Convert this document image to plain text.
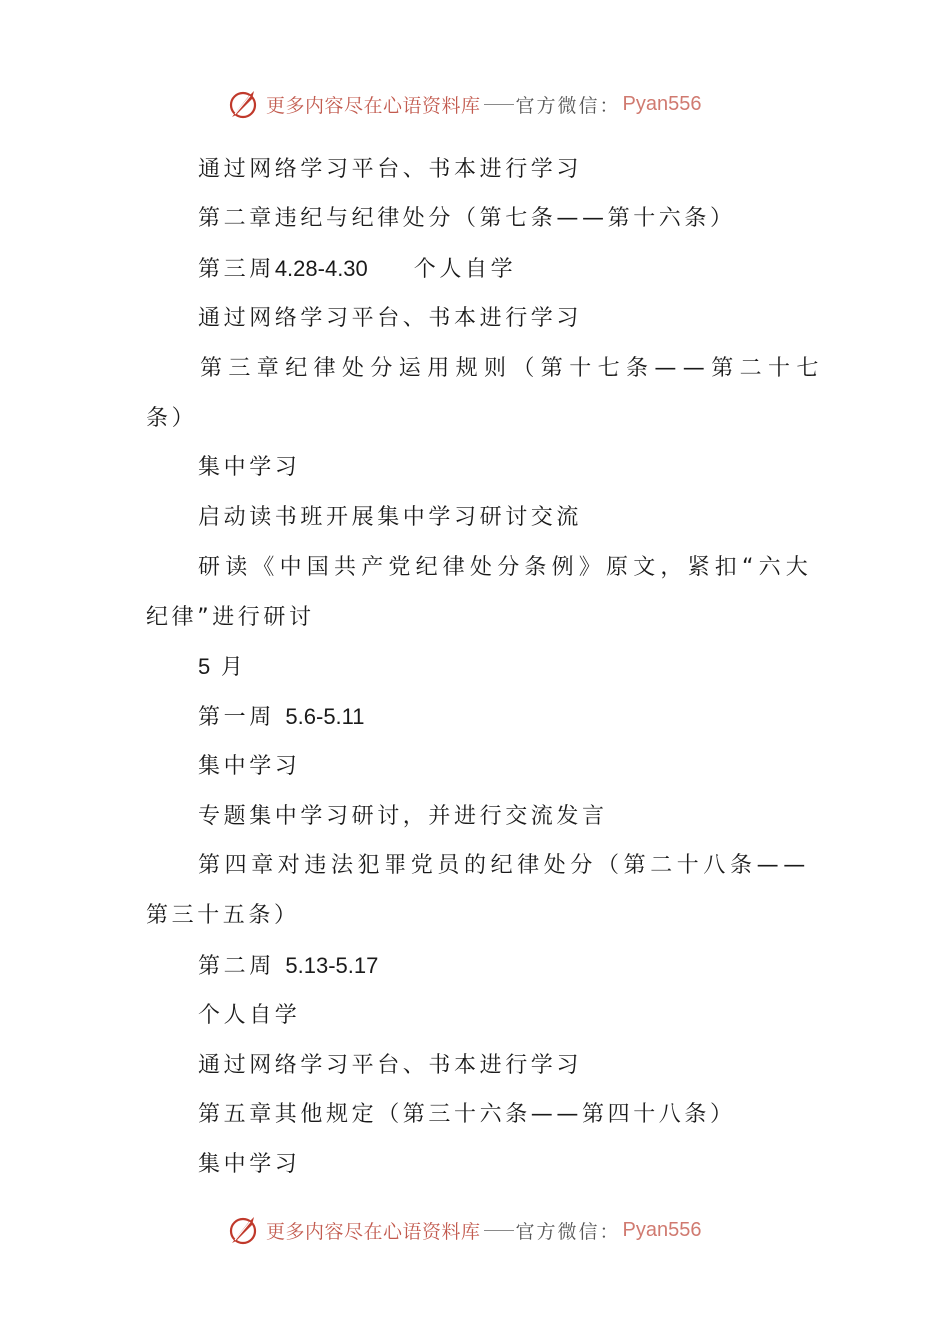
更多内容尽在心语资料库 官方微信： Pyan556
通过网络学习平台、书本进行学习
第二章违纪与纪律处分（第七条——第十六条）
第三周4.28-4.30 个人自学
通过网络学习平台、书本进行学习
第三章纪律处分运用规则（第十七条——第二十七
条）
集中学习
启动读书班开展集中学习研讨交流
研读《中国共产党纪律处分条例》原文，紧扣“六大
纪律”进行研讨
5 月
第一周 5.6-5.11
集中学习
专题集中学习研讨，并进行交流发言
第四章对违法犯罪党员的纪律处分（第二十八条——
第三十五条）
第二周 5.13-5.17
个人自学
通过网络学习平台、书本进行学习
第五章其他规定（第三十六条——第四十八条）
集中学习
更多内容尽在心语资料库 官方微信： Pyan556
